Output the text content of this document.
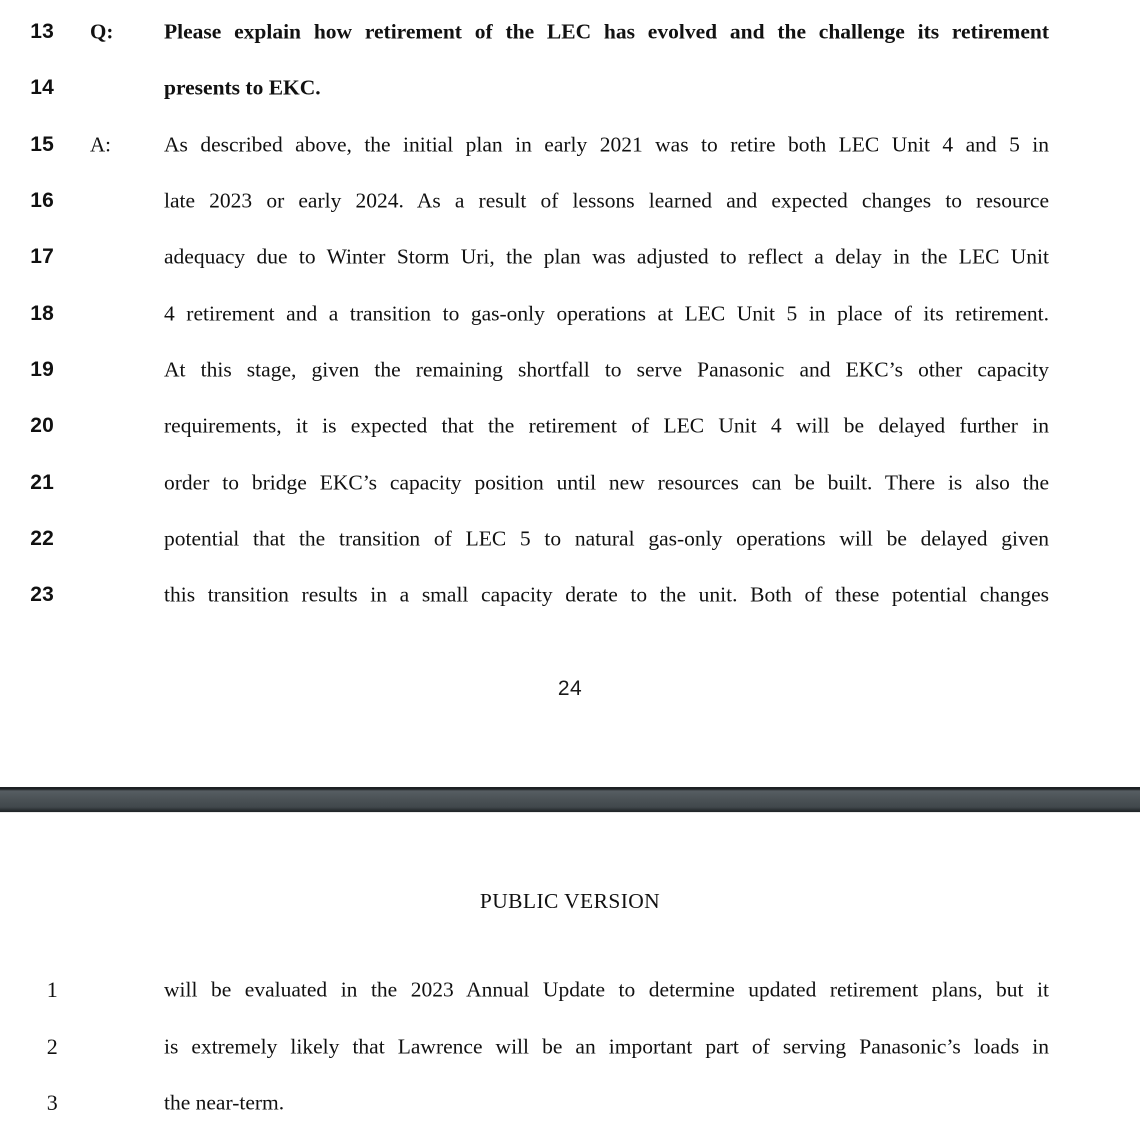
13 Q: Please explain how retirement of the LEC has evolved and the challenge its retirement
14	presents to EKC.
15 A: As described above, the initial plan in early 2021 was to retire both LEC Unit 4 and 5 in
16	late 2023 or early 2024. As a result of lessons learned and expected changes to resource
17	adequacy due to Winter Storm Uri, the plan was adjusted to reflect a delay in the LEC Unit
18	4 retirement and a transition to gas-only operations at LEC Unit 5 in place of its retirement.
19	At this stage, given the remaining shortfall to serve Panasonic and EKC’s other capacity
20	requirements, it is expected that the retirement of LEC Unit 4 will be delayed further in
21	order to bridge EKC’s capacity position until new resources can be built. There is also the
22	potential that the transition of LEC 5 to natural gas-only operations will be delayed given
23	this transition results in a small capacity derate to the unit. Both of these potential changes
24
PUBLIC VERSION
1	will be evaluated in the 2023 Annual Update to determine updated retirement plans, but it
2	is extremely likely that Lawrence will be an important part of serving Panasonic’s loads in
3	the near-term.
